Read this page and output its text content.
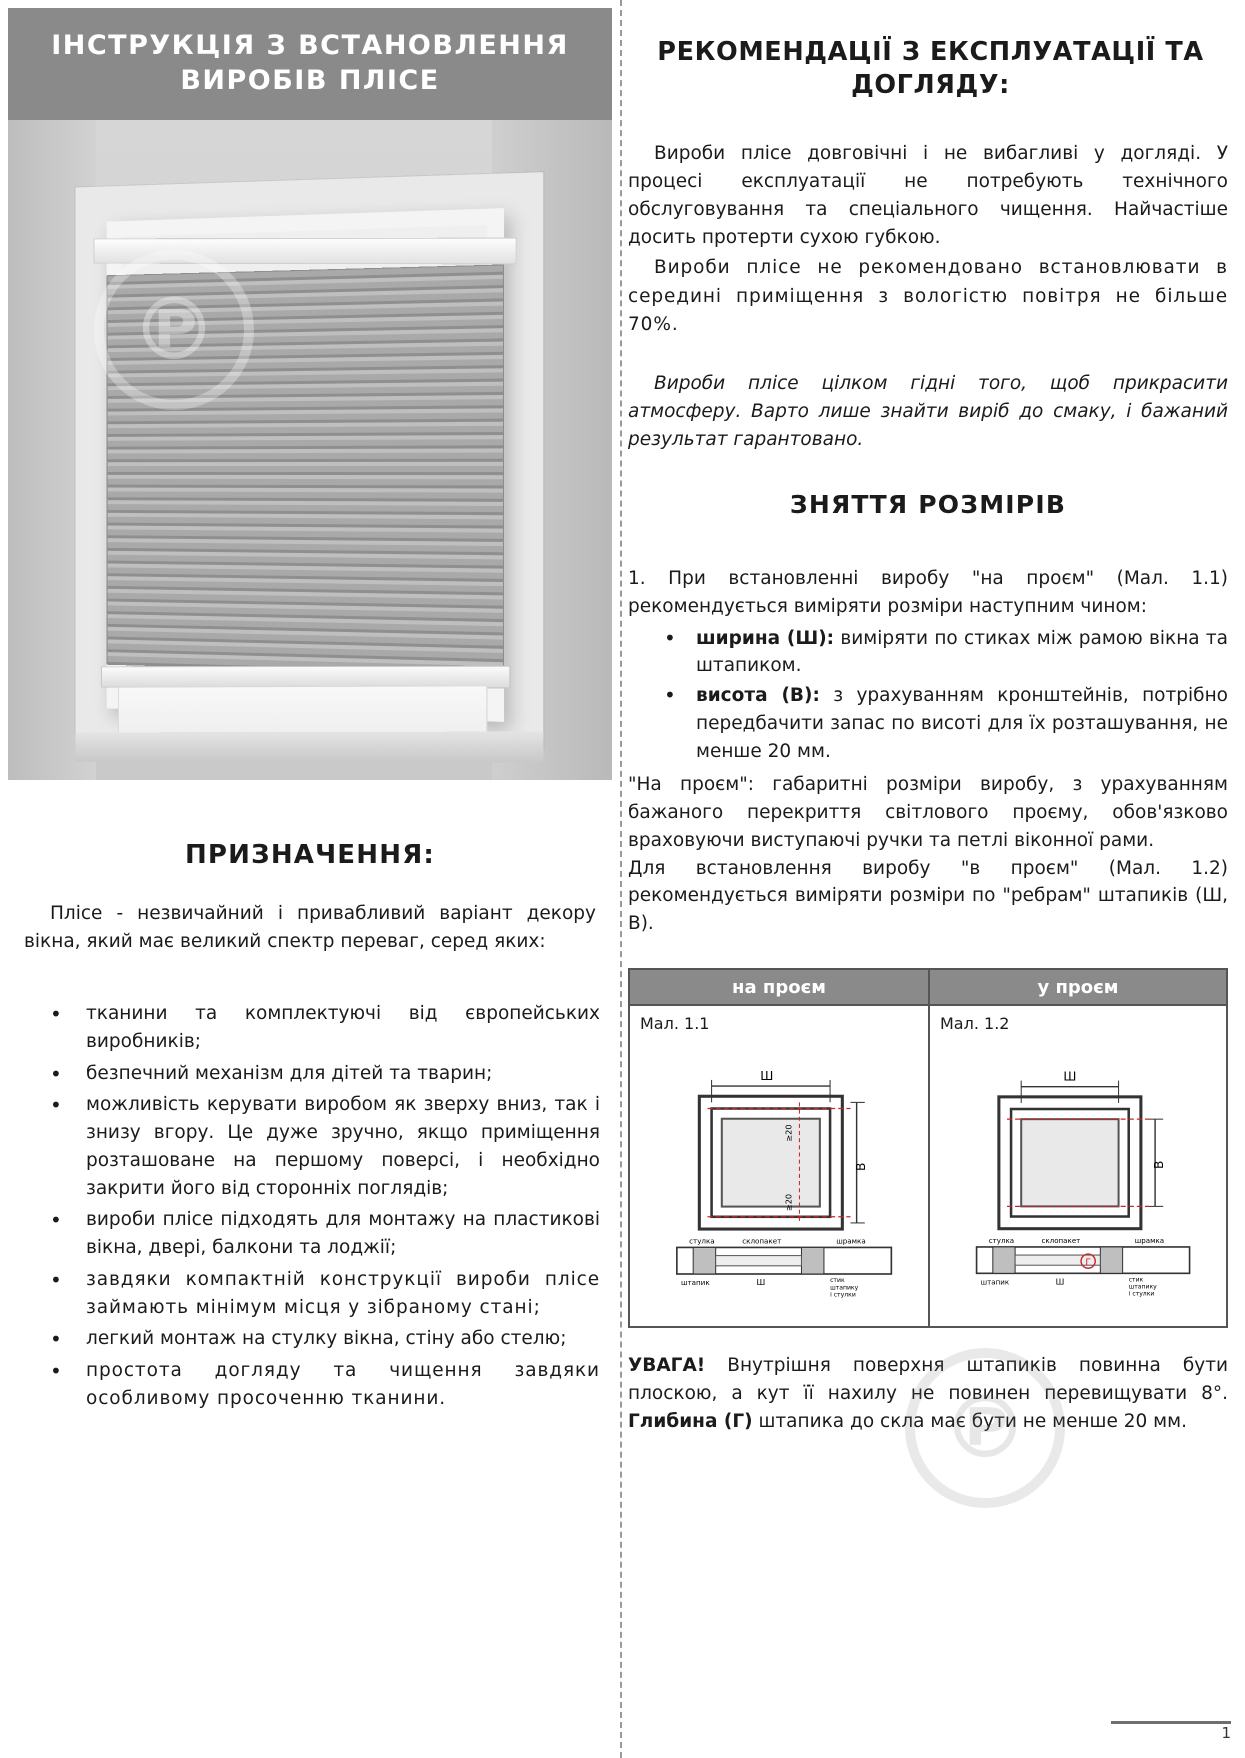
ІНСТРУКЦІЯ З ВСТАНОВЛЕННЯ ВИРОБІВ ПЛІСЕ
℗
ПРИЗНАЧЕННЯ:

Пліcе - незвичайний і привабливий варіант декору вікна, який має великий спектр переваг, серед яких:

• тканини та комплектуючі від європейських виробників;
• безпечний механізм для дітей та тварин;
• можливість керувати виробом як зверху вниз, так і знизу вгору. Це дуже зручно, якщо приміщення розташоване на першому поверсі, і необхідно закрити його від сторонніх поглядів;
• вироби пліcе підходять для монтажу на пластикові вікна, двері, балкони та лоджії;
• завдяки компактній конструкції вироби пліcе займають мінімум місця у зібраному стані;
• легкий монтаж на стулку вікна, стіну або стелю;
• простота догляду та чищення завдяки особливому просоченню тканини.
РЕКОМЕНДАЦІЇ З ЕКСПЛУАТАЦІЇ ТА ДОГЛЯДУ:

Вироби пліcе довговічні і не вибагливі у догляді. У процесі експлуатації не потребують технічного обслуговування та спеціального чищення. Найчастіше досить протерти сухою губкою.

Вироби пліcе не рекомендовано встановлювати в середині приміщення з вологістю повітря не більше 70%.

Вироби пліcе цілком гідні того, щоб прикрасити атмосферу. Варто лише знайти виріб до смаку, і бажаний результат гарантовано.

ЗНЯТТЯ РОЗМІРІВ

1. При встановленні виробу "на проєм" (Мал. 1.1) рекомендується виміряти розміри наступним чином:

• ширина (Ш): виміряти по стиках між рамою вікна та штапиком.
• висота (В): з урахуванням кронштейнів, потрібно передбачити запас по висоті для їх розташування, не менше 20 мм.

"На проєм": габаритні розміри виробу, з урахуванням бажаного перекриття світлового проєму, обов'язково враховуючи виступаючі ручки та петлі віконної рами.

Для встановлення виробу "в проєм" (Мал. 1.2) рекомендується виміряти розміри по "ребрам" штапиків (Ш, В).

на проєм
Мал. 1.1
Ш
В
≥20
≥20
стулка	склопакет	шрамка
штапик	Ш	стик
штапику
і стулки
у проєм
Мал. 1.2
Ш
В
Г
стулка	склопакет	шрамка
штапик	Ш	стик
штапику
і стулки
УВАГА! Внутрішня поверхня штапиків повинна бути плоскою, а кут її нахилу не повинен перевищувати 8°. Глибина (Г) штапика до скла має бути не менше 20 мм.
℗
1
